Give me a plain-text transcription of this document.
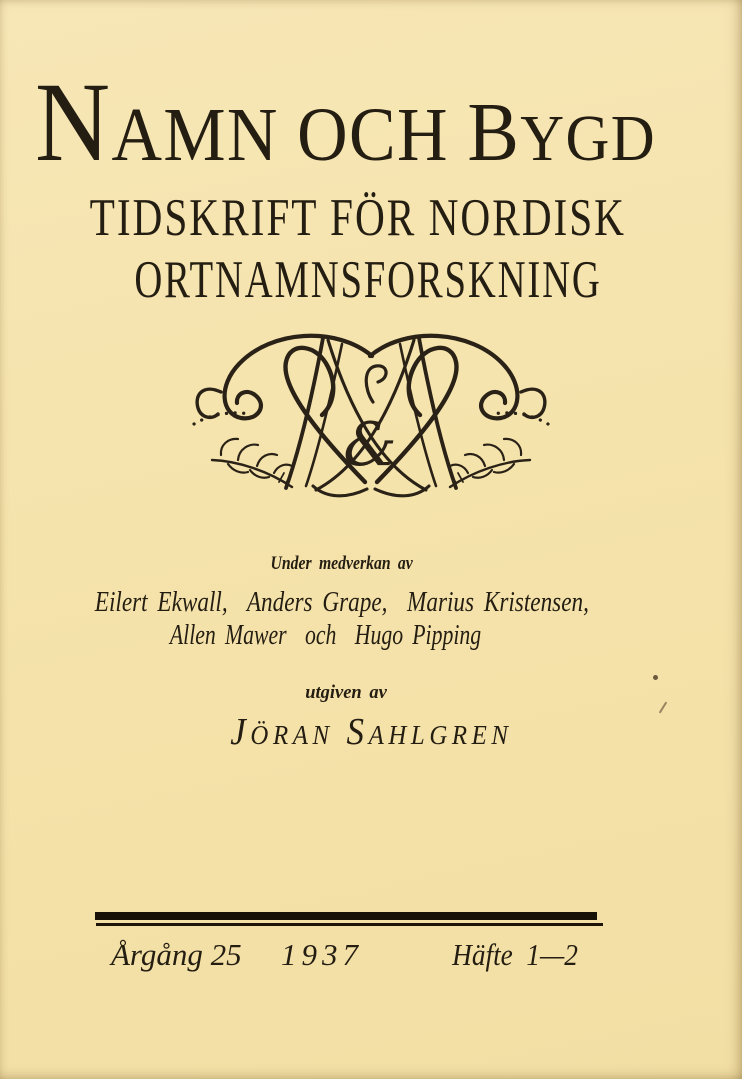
NAMN OCH BYGD
TIDSKRIFT FÖR NORDISK
ORTNAMNSFORSKNING
&
Under medverkan av
Eilert Ekwall,  Anders Grape,  Marius Kristensen,
Allen Mawer  och  Hugo Pipping
utgiven av
JÖRAN SAHLGREN
Årgång 25 1937	Häfte  1—2
